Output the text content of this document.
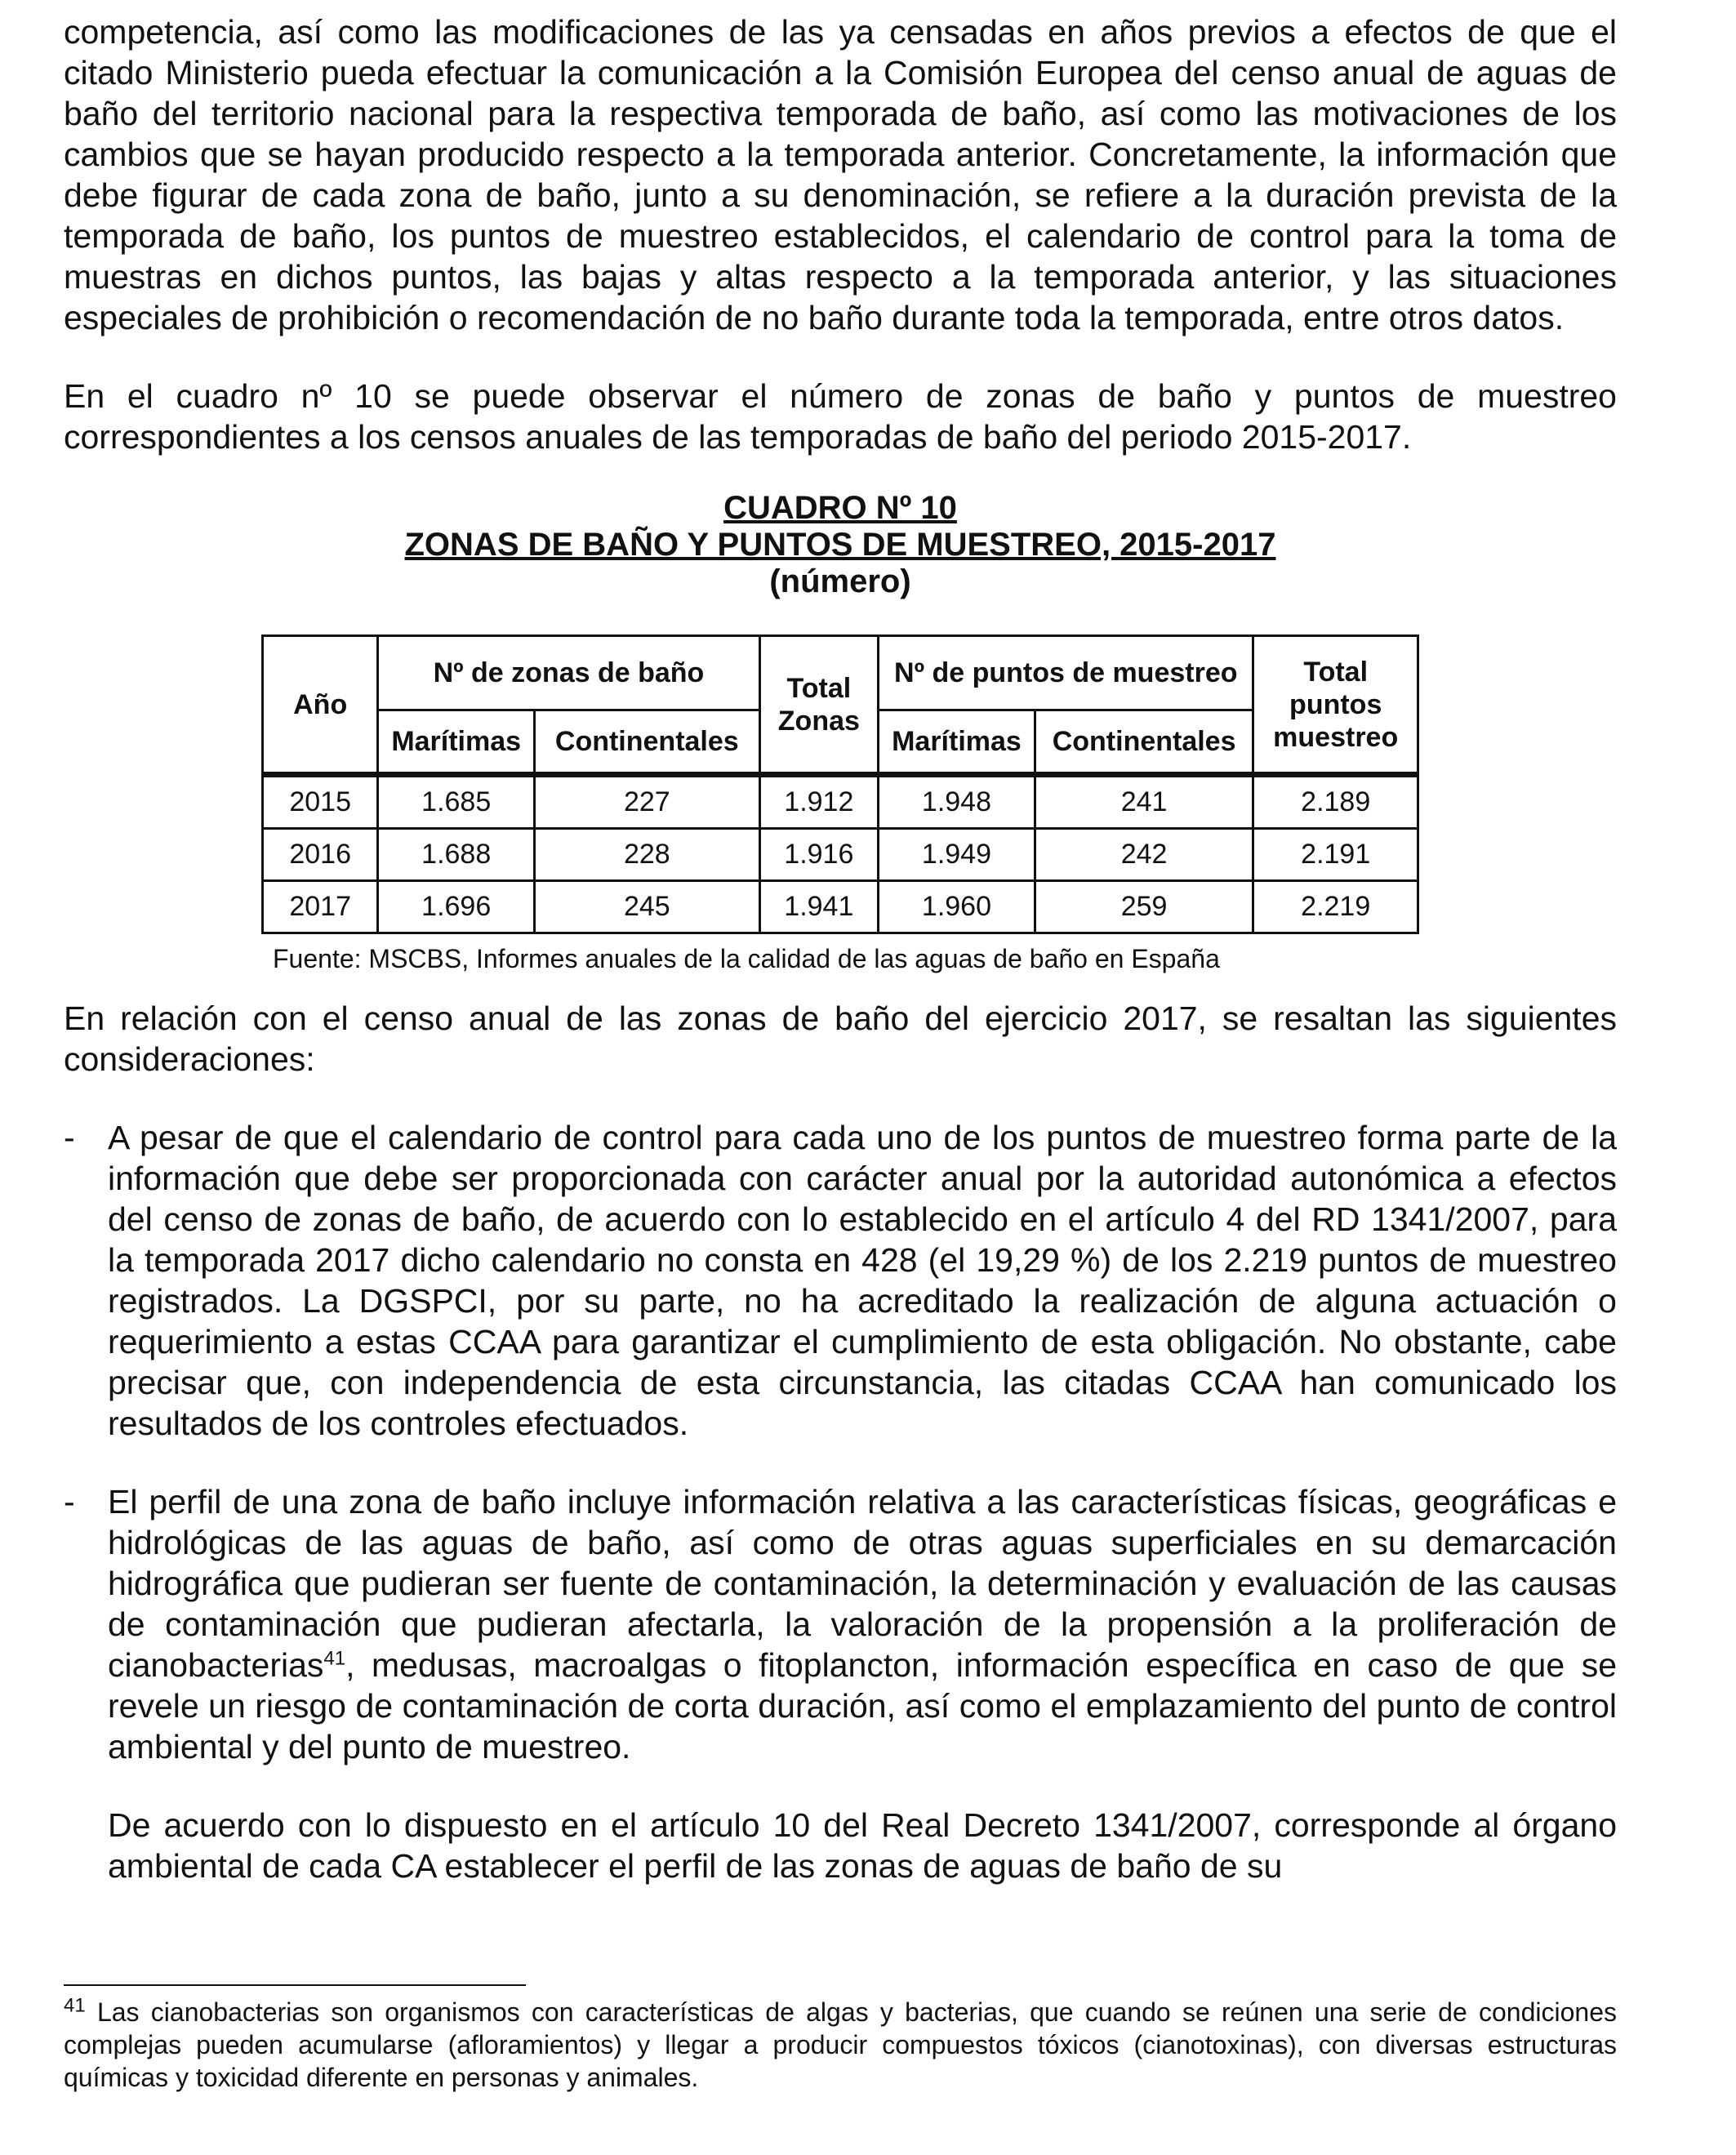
competencia, así como las modificaciones de las ya censadas en años previos a efectos de que el citado Ministerio pueda efectuar la comunicación a la Comisión Europea del censo anual de aguas de baño del territorio nacional para la respectiva temporada de baño, así como las motivaciones de los cambios que se hayan producido respecto a la temporada anterior. Concretamente, la información que debe figurar de cada zona de baño, junto a su denominación, se refiere a la duración prevista de la temporada de baño, los puntos de muestreo establecidos, el calendario de control para la toma de muestras en dichos puntos, las bajas y altas respecto a la temporada anterior, y las situaciones especiales de prohibición o recomendación de no baño durante toda la temporada, entre otros datos.

En el cuadro nº 10 se puede observar el número de zonas de baño y puntos de muestreo correspondientes a los censos anuales de las temporadas de baño del periodo 2015-2017.

CUADRO Nº 10
ZONAS DE BAÑO Y PUNTOS DE MUESTREO, 2015-2017
(número)
Año	Nº de zonas de baño		Total Zonas	Nº de puntos de muestreo		Total puntos muestreo
	Marítimas	Continentales		Marítimas	Continentales	
2015	1.685	227	1.912	1.948	241	2.189
2016	1.688	228	1.916	1.949	242	2.191
2017	1.696	245	1.941	1.960	259	2.219
Fuente: MSCBS, Informes anuales de la calidad de las aguas de baño en España

En relación con el censo anual de las zonas de baño del ejercicio 2017, se resaltan las siguientes consideraciones:

- A pesar de que el calendario de control para cada uno de los puntos de muestreo forma parte de la información que debe ser proporcionada con carácter anual por la autoridad autonómica a efectos del censo de zonas de baño, de acuerdo con lo establecido en el artículo 4 del RD 1341/2007, para la temporada 2017 dicho calendario no consta en 428 (el 19,29 %) de los 2.219 puntos de muestreo registrados. La DGSPCI, por su parte, no ha acreditado la realización de alguna actuación o requerimiento a estas CCAA para garantizar el cumplimiento de esta obligación. No obstante, cabe precisar que, con independencia de esta circunstancia, las citadas CCAA han comunicado los resultados de los controles efectuados.
- El perfil de una zona de baño incluye información relativa a las características físicas, geográficas e hidrológicas de las aguas de baño, así como de otras aguas superficiales en su demarcación hidrográfica que pudieran ser fuente de contaminación, la determinación y evaluación de las causas de contaminación que pudieran afectarla, la valoración de la propensión a la proliferación de cianobacterias$^{41}$, medusas, macroalgas o fitoplancton, información específica en caso de que se revele un riesgo de contaminación de corta duración, así como el emplazamiento del punto de control ambiental y del punto de muestreo.

De acuerdo con lo dispuesto en el artículo 10 del Real Decreto 1341/2007, corresponde al órgano ambiental de cada CA establecer el perfil de las zonas de aguas de baño de su

$^{41}$ Las cianobacterias son organismos con características de algas y bacterias, que cuando se reúnen una serie de condiciones complejas pueden acumularse (afloramientos) y llegar a producir compuestos tóxicos (cianotoxinas), con diversas estructuras químicas y toxicidad diferente en personas y animales.
